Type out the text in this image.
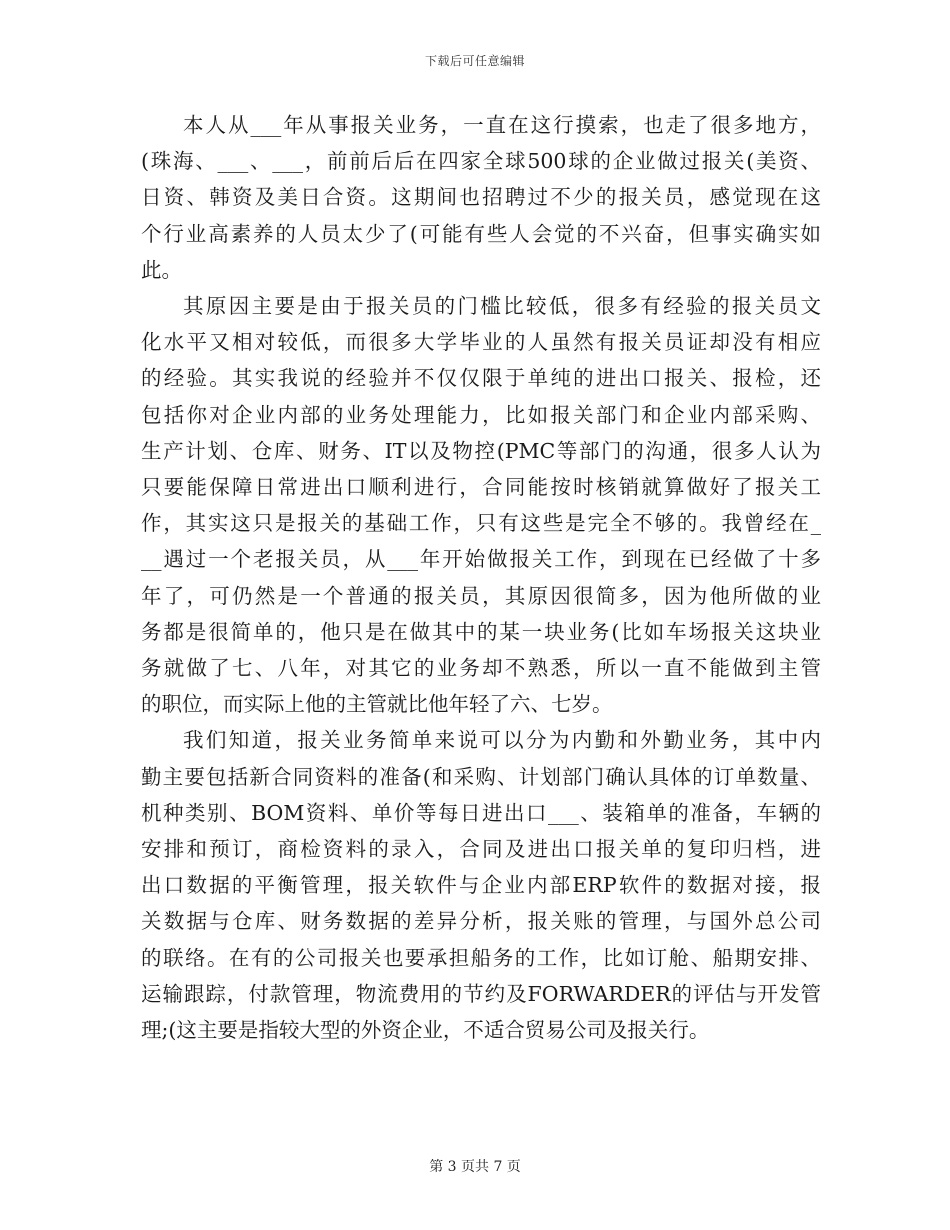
下载后可任意编辑
本人从___年从事报关业务，一直在这行摸索，也走了很多地方，
(珠海、___、___，前前后后在四家全球500球的企业做过报关(美资、
日资、韩资及美日合资。这期间也招聘过不少的报关员，感觉现在这
个行业高素养的人员太少了(可能有些人会觉的不兴奋，但事实确实如
此。
其原因主要是由于报关员的门槛比较低，很多有经验的报关员文
化水平又相对较低，而很多大学毕业的人虽然有报关员证却没有相应
的经验。其实我说的经验并不仅仅限于单纯的进出口报关、报检，还
包括你对企业内部的业务处理能力，比如报关部门和企业内部采购、
生产计划、仓库、财务、IT以及物控(PMC等部门的沟通，很多人认为
只要能保障日常进出口顺利进行，合同能按时核销就算做好了报关工
作，其实这只是报关的基础工作，只有这些是完全不够的。我曾经在_
__遇过一个老报关员，从___年开始做报关工作，到现在已经做了十多
年了，可仍然是一个普通的报关员，其原因很简多，因为他所做的业
务都是很简单的，他只是在做其中的某一块业务(比如车场报关这块业
务就做了七、八年，对其它的业务却不熟悉，所以一直不能做到主管
的职位，而实际上他的主管就比他年轻了六、七岁。
我们知道，报关业务简单来说可以分为内勤和外勤业务，其中内
勤主要包括新合同资料的准备(和采购、计划部门确认具体的订单数量、
机种类别、BOM资料、单价等每日进出口___、装箱单的准备，车辆的
安排和预订，商检资料的录入，合同及进出口报关单的复印归档，进
出口数据的平衡管理，报关软件与企业内部ERP软件的数据对接，报
关数据与仓库、财务数据的差异分析，报关账的管理，与国外总公司
的联络。在有的公司报关也要承担船务的工作，比如订舱、船期安排、
运输跟踪，付款管理，物流费用的节约及FORWARDER的评估与开发管
理;(这主要是指较大型的外资企业，不适合贸易公司及报关行。
第 3 页共 7 页
